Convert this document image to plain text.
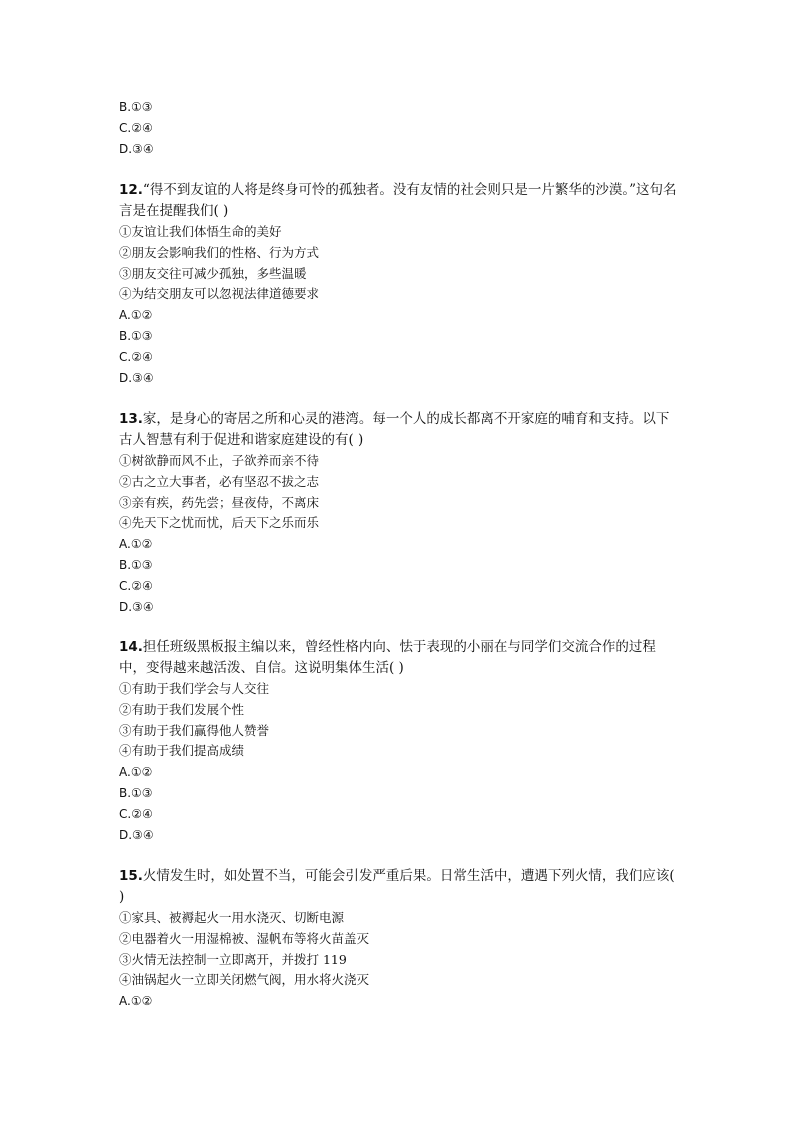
B.①③
C.②④
D.③④
12.“得不到友谊的人将是终身可怜的孤独者。没有友情的社会则只是一片繁华的沙漠。”这句名言是在提醒我们( )
①友谊让我们体悟生命的美好
②朋友会影响我们的性格、行为方式
③朋友交往可减少孤独，多些温暖
④为结交朋友可以忽视法律道德要求
A.①②
B.①③
C.②④
D.③④
13.家，是身心的寄居之所和心灵的港湾。每一个人的成长都离不开家庭的哺育和支持。以下古人智慧有利于促进和谐家庭建设的有( )
①树欲静而风不止，子欲养而亲不待
②古之立大事者，必有坚忍不拔之志
③亲有疾，药先尝；昼夜侍，不离床
④先天下之忧而忧，后天下之乐而乐
A.①②
B.①③
C.②④
D.③④
14.担任班级黑板报主编以来，曾经性格内向、怯于表现的小丽在与同学们交流合作的过程中，变得越来越活泼、自信。这说明集体生活( )
①有助于我们学会与人交往
②有助于我们发展个性
③有助于我们赢得他人赞誉
④有助于我们提高成绩
A.①②
B.①③
C.②④
D.③④
15.火情发生时，如处置不当，可能会引发严重后果。日常生活中，遭遇下列火情，我们应该( )
①家具、被褥起火一用水浇灭、切断电源
②电器着火一用湿棉被、湿帆布等将火苗盖灭
③火情无法控制一立即离开，并拨打 119
④油锅起火一立即关闭燃气阀，用水将火浇灭
A.①②
